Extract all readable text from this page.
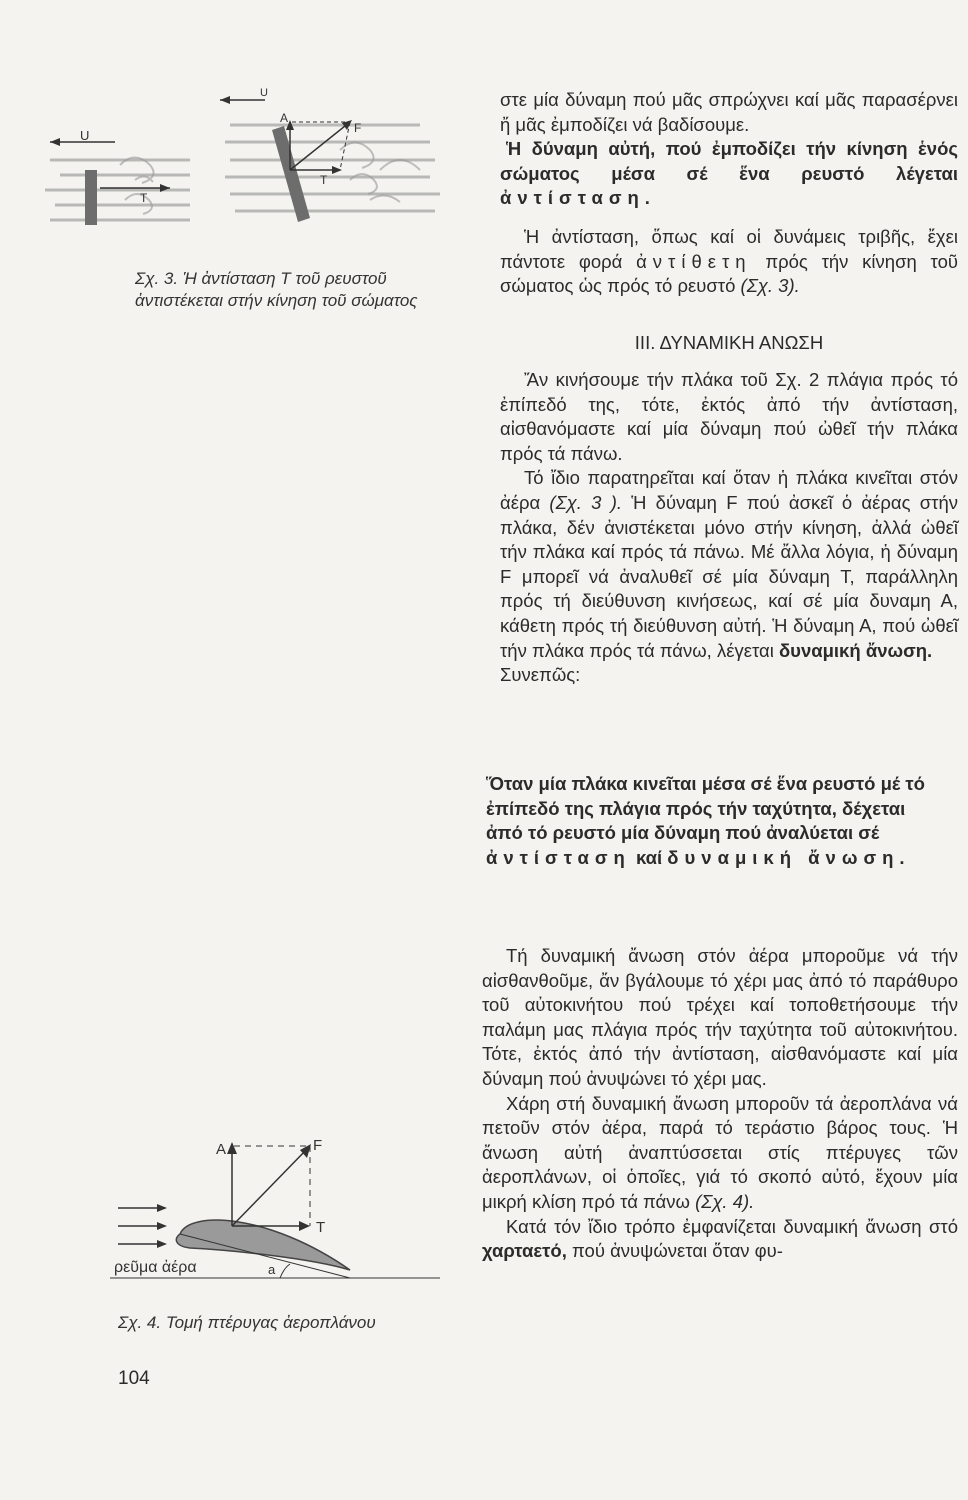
U
T
U
A
F
T
Σχ. 3. Ἡ ἀντίσταση Τ τοῦ ρευστοῦ ἀντιστέκεται στήν κίνηση τοῦ σώματος
a
A	F
T
ρεῦμα ἀέρα
Σχ. 4. Τομή πτέρυγας ἀεροπλάνου
104

στε μία δύναμη πού μᾶς σπρώχνει καί μᾶς παρασέρνει ἤ μᾶς ἐμποδίζει νά βαδίσουμε.

Ἡ δύναμη αὐτή, πού ἐμποδίζει τήν κίνηση ἑνός σώματος μέσα σέ ἕνα ρευστό λέγεται ἀντίσταση.

Ἡ ἀντίσταση, ὅπως καί οἱ δυνάμεις τριβῆς, ἔχει πάντοτε φορά ἀντίθετη πρός τήν κίνηση τοῦ σώματος ὡς πρός τό ρευστό (Σχ. 3).

ΙΙΙ. ΔΥΝΑΜΙΚΗ ΑΝΩΣΗ

Ἄν κινήσουμε τήν πλάκα τοῦ Σχ. 2 πλάγια πρός τό ἐπίπεδό της, τότε, ἐκτός ἀπό τήν ἀντίσταση, αἰσθανόμαστε καί μία δύναμη πού ὠθεῖ τήν πλάκα πρός τά πάνω.

Τό ἴδιο παρατηρεῖται καί ὅταν ἡ πλάκα κινεῖται στόν ἀέρα (Σχ. 3 ). Ἡ δύναμη F πού ἀσκεῖ ὁ ἀέρας στήν πλάκα, δέν ἀνιστέκεται μόνο στήν κίνηση, ἀλλά ὠθεῖ τήν πλάκα καί πρός τά πάνω. Μέ ἄλλα λόγια, ἡ δύναμη F μπορεῖ νά ἀναλυθεῖ σέ μία δύναμη Τ, παράλληλη πρός τή διεύθυνση κινήσεως, καί σέ μία δυναμη Α, κάθετη πρός τή διεύθυνση αὐτή. Ἡ δύναμη Α, πού ὠθεῖ τήν πλάκα πρός τά πάνω, λέγεται δυναμική ἄνωση.
Συνεπῶς:

Ὅταν μία πλάκα κινεῖται μέσα σέ ἕνα ρευστό μέ τό ἐπίπεδό της πλάγια πρός τήν ταχύτητα, δέχεται ἀπό τό ρευστό μία δύναμη πού ἀναλύεται σέ ἀντίσταση καί δυναμική ἄνωση.

Τή δυναμική ἄνωση στόν ἀέρα μποροῦμε νά τήν αἰσθανθοῦμε, ἄν βγάλουμε τό χέρι μας ἀπό τό παράθυρο τοῦ αὐτοκινήτου πού τρέχει καί τοποθετήσουμε τήν παλάμη μας πλάγια πρός τήν ταχύτητα τοῦ αὐτοκινήτου. Τότε, ἐκτός ἀπό τήν ἀντίσταση, αἰσθανόμαστε καί μία δύναμη πού ἀνυψώνει τό χέρι μας.

Χάρη στή δυναμική ἄνωση μποροῦν τά ἀεροπλάνα νά πετοῦν στόν ἀέρα, παρά τό τεράστιο βάρος τους. Ἡ ἄνωση αὐτή ἀναπτύσσεται στίς πτέρυγες τῶν ἀεροπλάνων, οἱ ὁποῖες, γιά τό σκοπό αὐτό, ἔχουν μία μικρή κλίση πρό τά πάνω (Σχ. 4).

Κατά τόν ἴδιο τρόπο ἐμφανίζεται δυναμική ἄνωση στό χαρταετό, πού ἀνυψώνεται ὅταν φυ-
